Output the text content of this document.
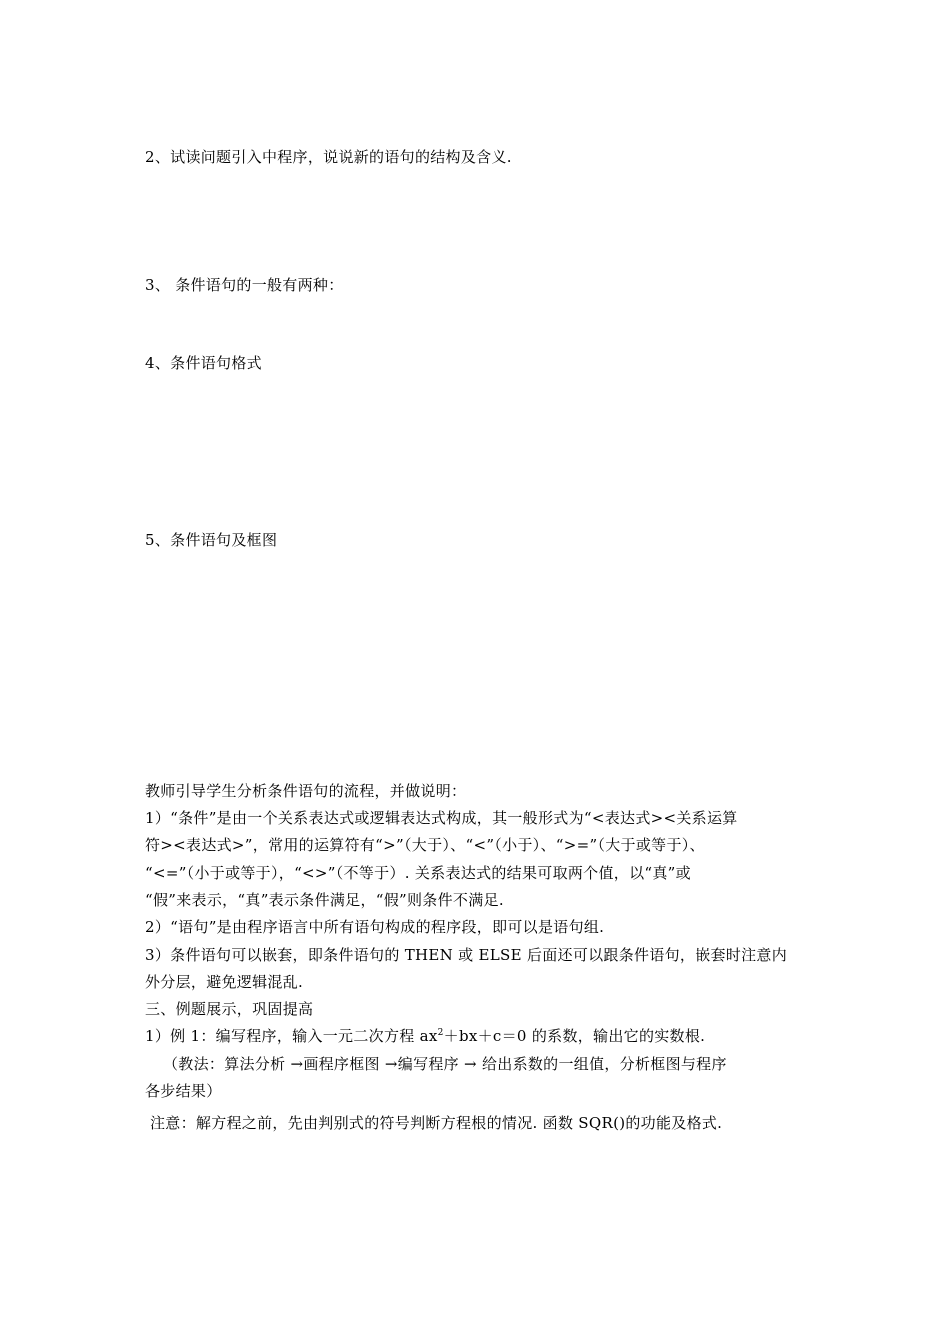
2、试读问题引入中程序，说说新的语句的结构及含义.
3、 条件语句的一般有两种：
4、条件语句格式
5、条件语句及框图
教师引导学生分析条件语句的流程，并做说明：
1）“条件”是由一个关系表达式或逻辑表达式构成，其一般形式为“<表达式><关系运算
符><表达式>”，常用的运算符有“>”（大于）、“<”（小于）、“>=”（大于或等于）、
“<=”（小于或等于），“<>”（不等于）. 关系表达式的结果可取两个值，以“真”或
“假”来表示，“真”表示条件满足，“假”则条件不满足.
2）“语句”是由程序语言中所有语句构成的程序段，即可以是语句组.
3）条件语句可以嵌套，即条件语句的 THEN 或 ELSE 后面还可以跟条件语句，嵌套时注意内
外分层，避免逻辑混乱.
三、例题展示，巩固提高
1）例 1：编写程序，输入一元二次方程 $ax^2+bx+c=0$ 的系数，输出它的实数根.
（教法：算法分析 →画程序框图 →编写程序 → 给出系数的一组值，分析框图与程序
各步结果）
注意：解方程之前，先由判别式的符号判断方程根的情况. 函数 SQR()的功能及格式.
